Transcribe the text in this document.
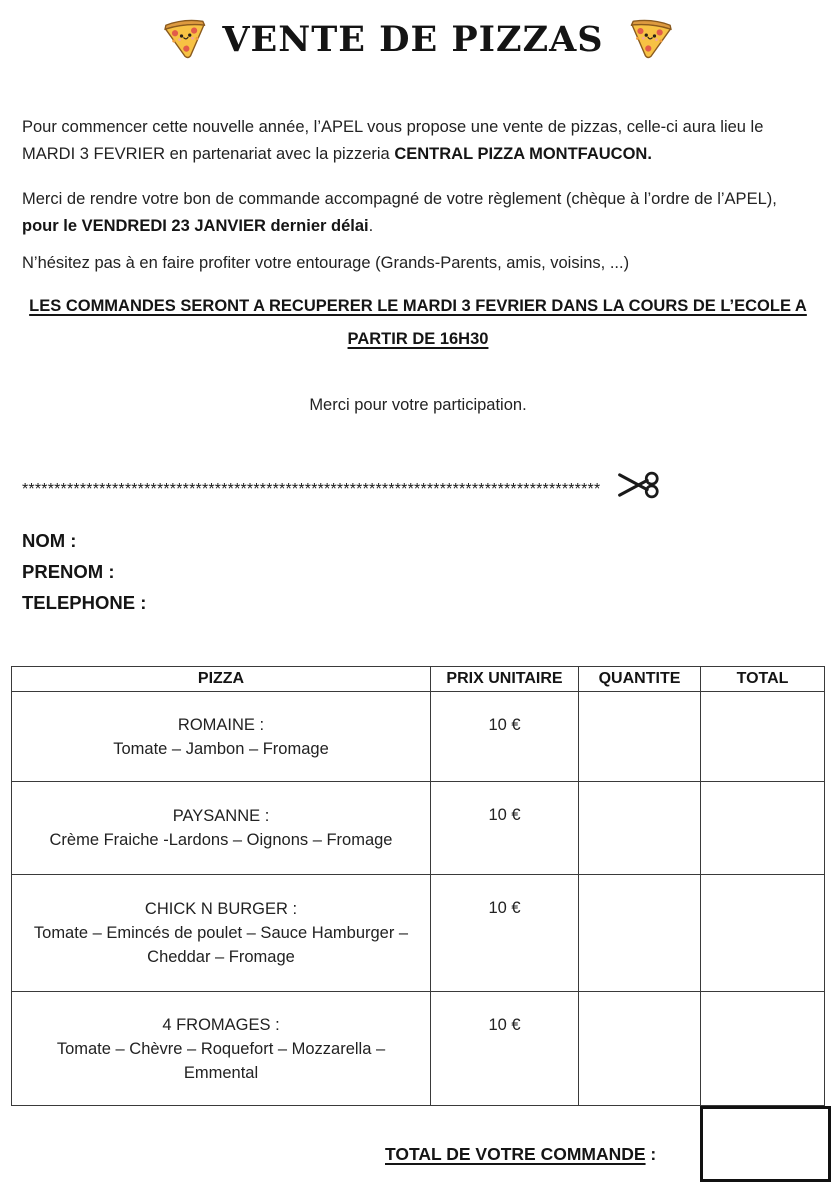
VENTE DE PIZZAS

Pour commencer cette nouvelle année, l’APEL vous propose une vente de pizzas, celle-ci aura lieu le MARDI 3 FEVRIER en partenariat avec la pizzeria CENTRAL PIZZA MONTFAUCON.

Merci de rendre votre bon de commande accompagné de votre règlement (chèque à l’ordre de l’APEL), pour le VENDREDI 23 JANVIER dernier délai.

N’hésitez pas à en faire profiter votre entourage (Grands-Parents, amis, voisins, ...)

LES COMMANDES SERONT A RECUPERER LE MARDI 3 FEVRIER DANS LA COURS DE L’ECOLE A PARTIR DE 16H30

Merci pour votre participation.

******************************************************************************************
NOM :
PRENOM :
TELEPHONE :
PIZZA	PRIX UNITAIRE	QUANTITE	TOTAL

ROMAINE :
Tomate – Jambon – Fromage	10 €		

PAYSANNE :
Crème Fraiche -Lardons – Oignons – Fromage	10 €		

CHICK N BURGER :
Tomate – Emincés de poulet – Sauce Hamburger – Cheddar – Fromage	10 €		

4 FROMAGES :
Tomate – Chèvre – Roquefort – Mozzarella – Emmental	10 €		
TOTAL DE VOTRE COMMANDE :
